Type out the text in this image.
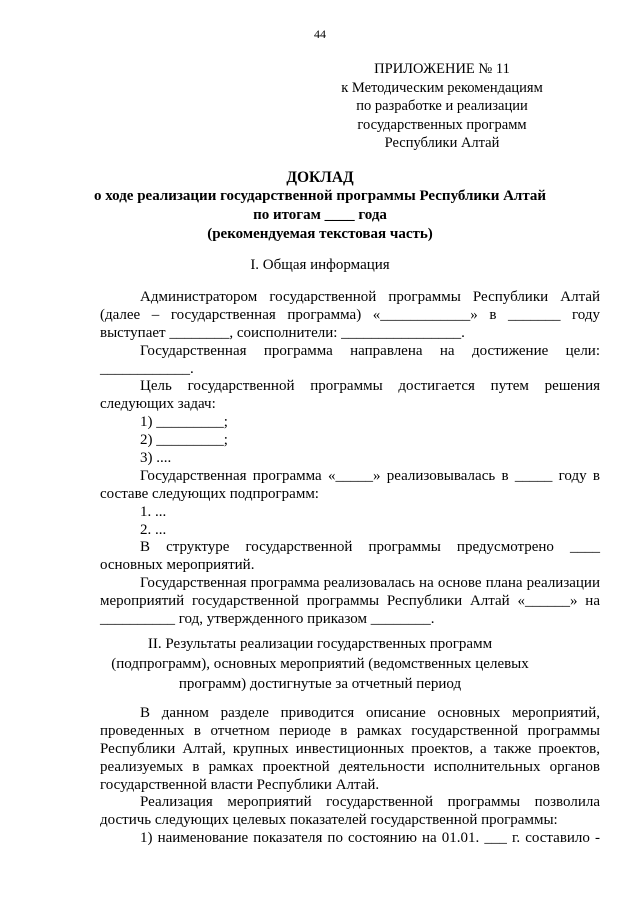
44
ПРИЛОЖЕНИЕ № 11
к Методическим рекомендациям
по разработке и реализации
государственных программ
Республики Алтай
ДОКЛАД
о ходе реализации государственной программы Республики Алтай
по итогам ____ года
(рекомендуемая текстовая часть)
I. Общая информация
Администратором государственной программы Республики Алтай
(далее – государственная программа) «____________» в _______ году
выступает ________, соисполнители: ________________.
Государственная программа направлена на достижение цели:
____________.
Цель государственной программы достигается путем решения
следующих задач:
1) _________;
2) _________;
3) ....
Государственная программа «_____» реализовывалась в _____ году в
составе следующих подпрограмм:
1. ...
2. ...
В структуре государственной программы предусмотрено ____
основных мероприятий.
Государственная программа реализовалась на основе плана реализации
мероприятий государственной программы Республики Алтай «______» на
__________ год, утвержденного приказом ________.
II. Результаты реализации государственных программ
(подпрограмм), основных мероприятий (ведомственных целевых
программ) достигнутые за отчетный период
В данном разделе приводится описание основных мероприятий,
проведенных в отчетном периоде в рамках государственной программы
Республики Алтай, крупных инвестиционных проектов, а также проектов,
реализуемых в рамках проектной деятельности исполнительных органов
государственной власти Республики Алтай.
Реализация мероприятий государственной программы позволила
достичь следующих целевых показателей государственной программы:
1) наименование показателя по состоянию на 01.01. ___ г. составило -
